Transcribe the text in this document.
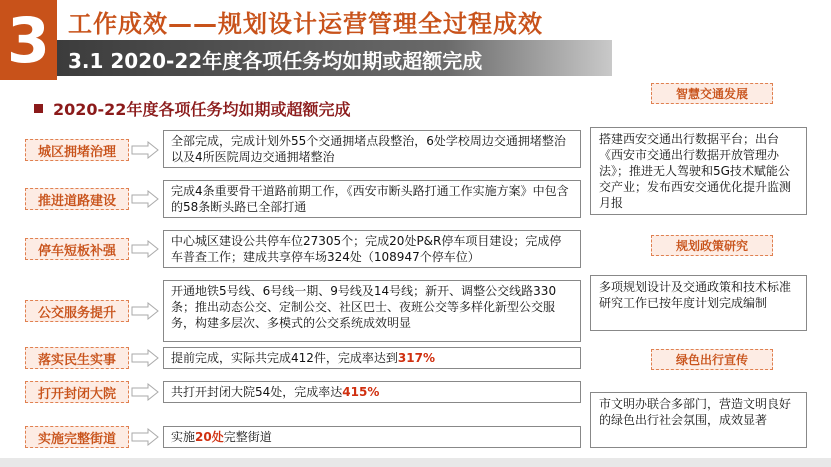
3 工作成效——规划设计运营管理全过程成效
3.1 2020-22年度各项任务均如期或超额完成
2020-22年度各项任务均如期或超额完成
城区拥堵治理
全部完成，完成计划外55个交通拥堵点段整治，6处学校周边交通拥堵整治以及4所医院周边交通拥堵整治
推进道路建设
完成4条重要骨干道路前期工作，《西安市断头路打通工作实施方案》中包含的58条断头路已全部打通
停车短板补强
中心城区建设公共停车位27305个；完成20处P&R停车项目建设；完成停车普查工作；建成共享停车场324处（108947个停车位）
公交服务提升
开通地铁5号线、6号线一期、9号线及14号线；新开、调整公交线路330条；推出动态公交、定制公交、社区巴士、夜班公交等多样化新型公交服务，构建多层次、多模式的公交系统成效明显
落实民生实事	提前完成，实际共完成412件，完成率达到317%
打开封闭大院	共打开封闭大院54处，完成率达415%
实施完整街道	实施20处完整街道
智慧交通发展
搭建西安交通出行数据平台；出台《西安市交通出行数据开放管理办法》；推进无人驾驶和5G技术赋能公交产业；发布西安交通优化提升监测月报
规划政策研究
多项规划设计及交通政策和技术标准研究工作已按年度计划完成编制
绿色出行宣传
市文明办联合多部门，营造文明良好的绿色出行社会氛围，成效显著
